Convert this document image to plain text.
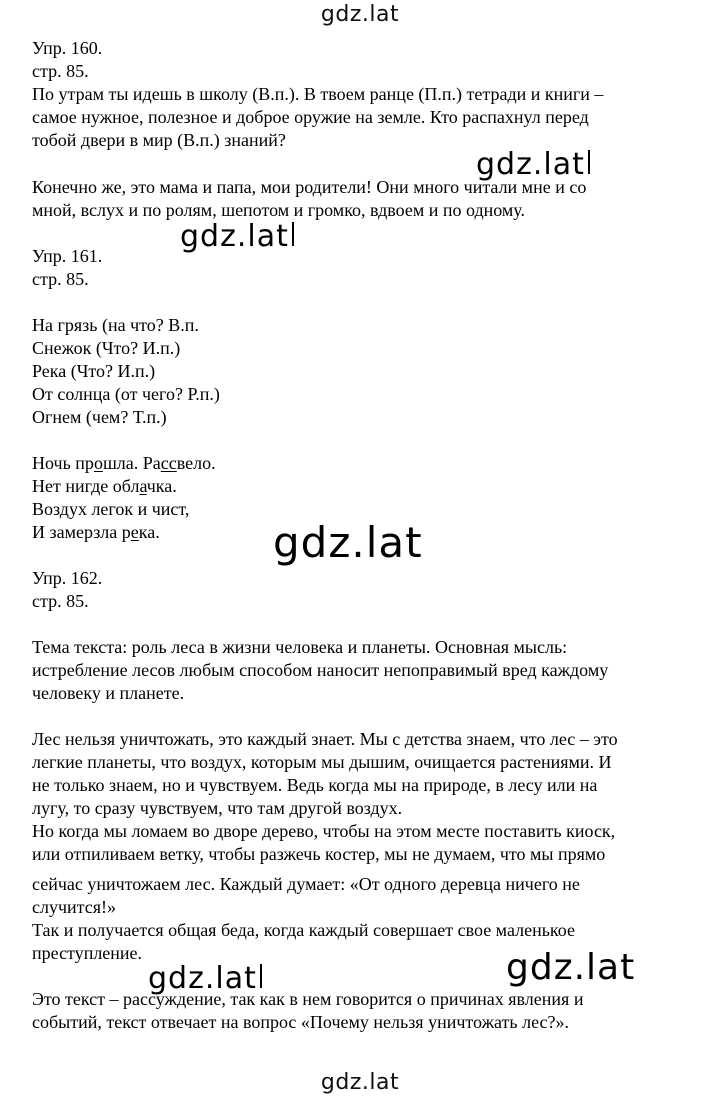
gdz.lat
Упр. 160.
стр. 85.
По утрам ты идешь в школу (В.п.). В твоем ранце (П.п.) тетради и книги –
самое нужное, полезное и доброе оружие на земле. Кто распахнул перед
тобой двери в мир (В.п.) знаний?
Конечно же, это мама и папа, мои родители! Они много читали мне и со
мной, вслух и по ролям, шепотом и громко, вдвоем и по одному.
Упр. 161.
стр. 85.
На грязь (на что? В.п.
Снежок (Что? И.п.)
Река (Что? И.п.)
От солнца (от чего? Р.п.)
Огнем (чем? Т.п.)
Ночь прошла. Рассвело.
Нет нигде облачка.
Воздух легок и чист,
И замерзла река.
Упр. 162.
стр. 85.
Тема текста: роль леса в жизни человека и планеты. Основная мысль:
истребление лесов любым способом наносит непоправимый вред каждому
человеку и планете.
Лес нельзя уничтожать, это каждый знает. Мы с детства знаем, что лес – это
легкие планеты, что воздух, которым мы дышим, очищается растениями. И
не только знаем, но и чувствуем. Ведь когда мы на природе, в лесу или на
лугу, то сразу чувствуем, что там другой воздух.
Но когда мы ломаем во дворе дерево, чтобы на этом месте поставить киоск,
или отпиливаем ветку, чтобы разжечь костер, мы не думаем, что мы прямо
сейчас уничтожаем лес. Каждый думает: «От одного деревца ничего не
случится!»
Так и получается общая беда, когда каждый совершает свое маленькое
преступление.
Это текст – рассуждение, так как в нем говорится о причинах явления и
событий, текст отвечает на вопрос «Почему нельзя уничтожать лес?».
gdz.lat
gdz.lat
gdz.lat
gdz.lat	gdz.lat
gdz.lat
